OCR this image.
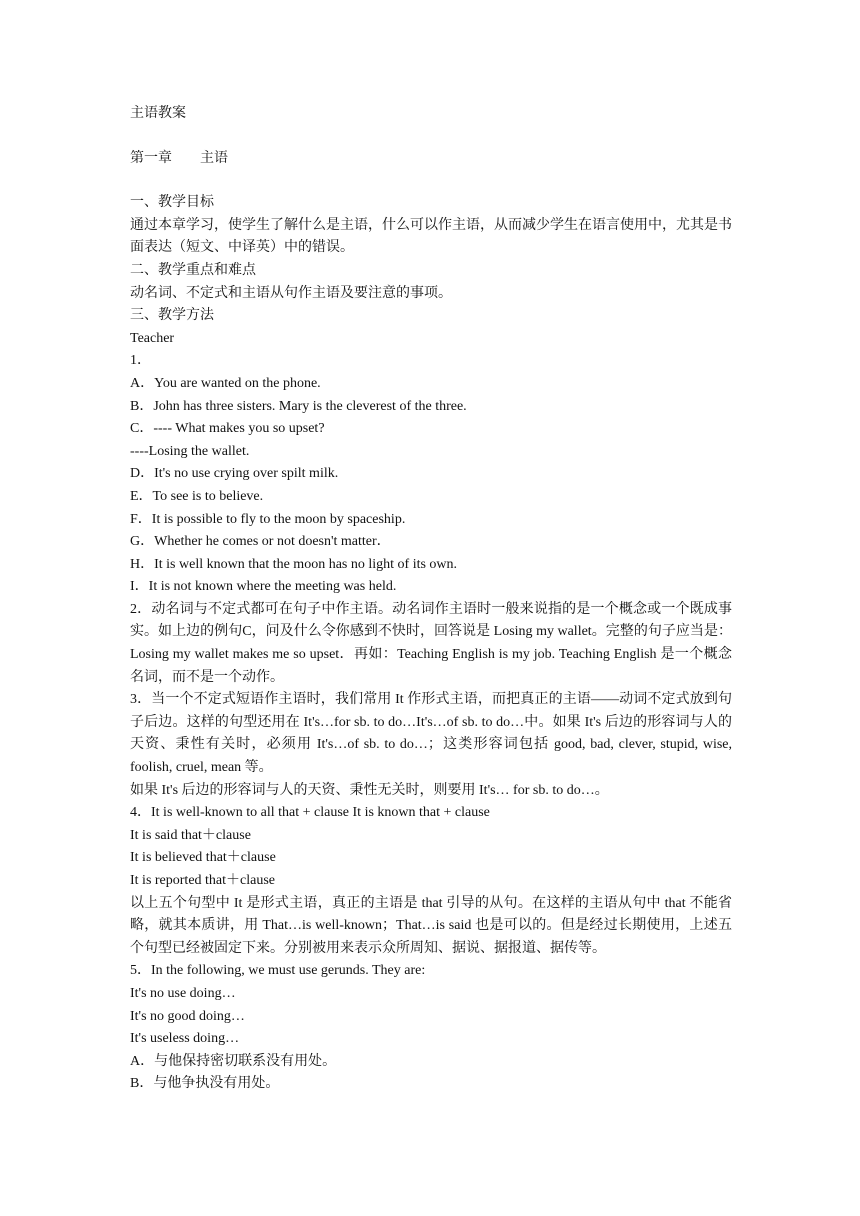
主语教案

第一章 主语

一、教学目标

通过本章学习，使学生了解什么是主语，什么可以作主语，从而减少学生在语言使用中，尤其是书面表达（短文、中译英）中的错误。

二、教学重点和难点

动名词、不定式和主语从句作主语及要注意的事项。

三、教学方法

Teacher

1．

A．You are wanted on the phone.

B．John has three sisters. Mary is the cleverest of the three.

C．---- What makes you so upset?

----Losing the wallet.

D．It's no use crying over spilt milk.

E．To see is to believe.

F．It is possible to fly to the moon by spaceship.

G．Whether he comes or not doesn't matter．

H．It is well known that the moon has no light of its own.

I．It is not known where the meeting was held.

2．动名词与不定式都可在句子中作主语。动名词作主语时一般来说指的是一个概念或一个既成事实。如上边的例句C，问及什么令你感到不快时，回答说是 Losing my wallet。完整的句子应当是：Losing my wallet makes me so upset．再如：Teaching English is my job. Teaching English 是一个概念名词，而不是一个动作。

3．当一个不定式短语作主语时，我们常用 It 作形式主语，而把真正的主语——动词不定式放到句子后边。这样的句型还用在 It's…for sb. to do…It's…of sb. to do…中。如果 It's 后边的形容词与人的天资、秉性有关时，必须用 It's…of sb. to do…；这类形容词包括 good, bad, clever, stupid, wise, foolish, cruel, mean 等。

如果 It's 后边的形容词与人的天资、秉性无关时，则要用 It's… for sb. to do…。

4．It is well-known to all that + clause It is known that + clause

It is said that＋clause

It is believed that＋clause

It is reported that＋clause

以上五个句型中 It 是形式主语，真正的主语是 that 引导的从句。在这样的主语从句中 that 不能省略，就其本质讲，用 That…is well-known；That…is said 也是可以的。但是经过长期使用，上述五个句型已经被固定下来。分别被用来表示众所周知、据说、据报道、据传等。

5．In the following, we must use gerunds. They are:

It's no use doing…

It's no good doing…

It's useless doing…

A．与他保持密切联系没有用处。

B．与他争执没有用处。
